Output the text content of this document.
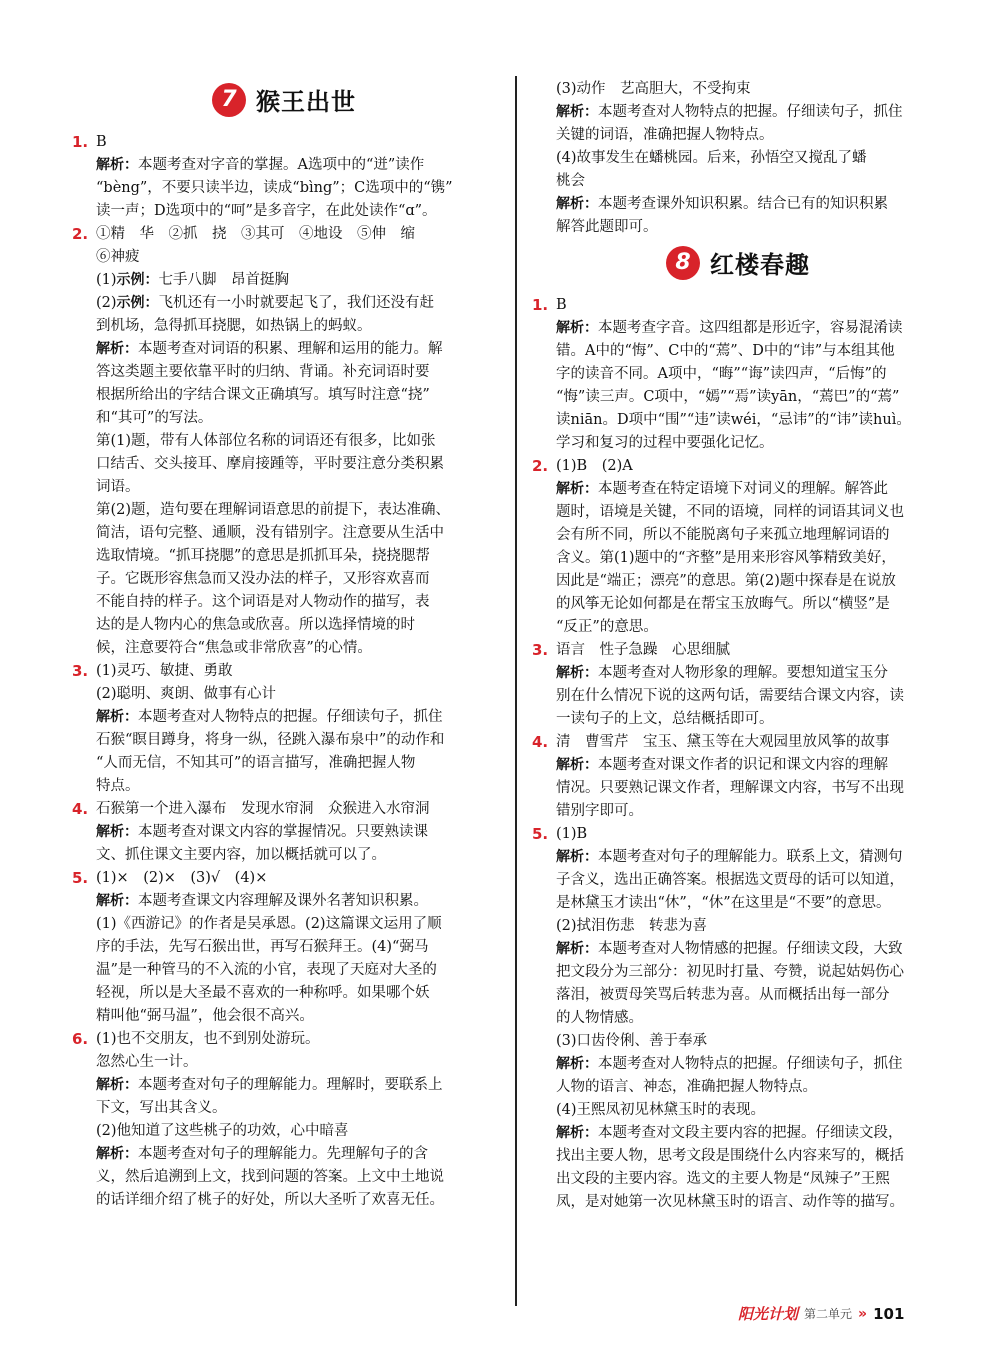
7 猴王出世
1. B

解析：本题考查对字音的掌握。A选项中的“迸”读作

“bèng”，不要只读半边，读成“bìng”；C选项中的“镌”

读一声；D选项中的“呵”是多音字，在此处读作“ɑ”。

2. ①精　华　②抓　挠　③其可　④地设　⑤伸　缩

⑥神疲

(1)示例：七手八脚　昂首挺胸

(2)示例：飞机还有一小时就要起飞了，我们还没有赶

到机场，急得抓耳挠腮，如热锅上的蚂蚁。

解析：本题考查对词语的积累、理解和运用的能力。解

答这类题主要依靠平时的归纳、背诵。补充词语时要

根据所给出的字结合课文正确填写。填写时注意“挠”

和“其可”的写法。

第(1)题，带有人体部位名称的词语还有很多，比如张

口结舌、交头接耳、摩肩接踵等，平时要注意分类积累

词语。

第(2)题，造句要在理解词语意思的前提下，表达准确、

简洁，语句完整、通顺，没有错别字。注意要从生活中

选取情境。“抓耳挠腮”的意思是抓抓耳朵，挠挠腮帮

子。它既形容焦急而又没办法的样子，又形容欢喜而

不能自持的样子。这个词语是对人物动作的描写，表

达的是人物内心的焦急或欣喜。所以选择情境的时

候，注意要符合“焦急或非常欣喜”的心情。

3. (1)灵巧、敏捷、勇敢

(2)聪明、爽朗、做事有心计

解析：本题考查对人物特点的把握。仔细读句子，抓住

石猴“瞑目蹲身，将身一纵，径跳入瀑布泉中”的动作和

“人而无信，不知其可”的语言描写，准确把握人物

特点。

4. 石猴第一个进入瀑布　发现水帘洞　众猴进入水帘洞

解析：本题考查对课文内容的掌握情况。只要熟读课

文、抓住课文主要内容，加以概括就可以了。

5. (1)×　(2)×　(3)√　(4)×

解析：本题考查课文内容理解及课外名著知识积累。

(1)《西游记》的作者是吴承恩。(2)这篇课文运用了顺

序的手法，先写石猴出世，再写石猴拜王。(4)“弼马

温”是一种管马的不入流的小官，表现了天庭对大圣的

轻视，所以是大圣最不喜欢的一种称呼。如果哪个妖

精叫他“弼马温”，他会很不高兴。

6. (1)也不交朋友，也不到别处游玩。

忽然心生一计。

解析：本题考查对句子的理解能力。理解时，要联系上

下文，写出其含义。

(2)他知道了这些桃子的功效，心中暗喜

解析：本题考查对句子的理解能力。先理解句子的含

义，然后追溯到上文，找到问题的答案。上文中土地说

的话详细介绍了桃子的好处，所以大圣听了欢喜无任。

(3)动作　艺高胆大，不受拘束

解析：本题考查对人物特点的把握。仔细读句子，抓住

关键的词语，准确把握人物特点。

(4)故事发生在蟠桃园。后来，孙悟空又搅乱了蟠

桃会

解析：本题考查课外知识积累。结合已有的知识积累

解答此题即可。

8 红楼春趣
1. B

解析：本题考查字音。这四组都是形近字，容易混淆读

错。A中的“悔”、C中的“蔫”、D中的“讳”与本组其他

字的读音不同。A项中，“晦”“诲”读四声，“后悔”的

“悔”读三声。C项中，“嫣”“焉”读yān，“蔫巴”的“蔫”

读niān。D项中“围”“违”读wéi，“忌讳”的“讳”读huì。

学习和复习的过程中要强化记忆。

2. (1)B　(2)A

解析：本题考查在特定语境下对词义的理解。解答此

题时，语境是关键，不同的语境，同样的词语其词义也

会有所不同，所以不能脱离句子来孤立地理解词语的

含义。第(1)题中的“齐整”是用来形容风筝精致美好，

因此是“端正；漂亮”的意思。第(2)题中探春是在说放

的风筝无论如何都是在帮宝玉放晦气。所以“横竖”是

“反正”的意思。

3. 语言　性子急躁　心思细腻

解析：本题考查对人物形象的理解。要想知道宝玉分

别在什么情况下说的这两句话，需要结合课文内容，读

一读句子的上文，总结概括即可。

4. 清　曹雪芹　宝玉、黛玉等在大观园里放风筝的故事

解析：本题考查对课文作者的识记和课文内容的理解

情况。只要熟记课文作者，理解课文内容，书写不出现

错别字即可。

5. (1)B

解析：本题考查对句子的理解能力。联系上文，猜测句

子含义，选出正确答案。根据选文贾母的话可以知道，

是林黛玉才读出“休”，“休”在这里是“不要”的意思。

(2)拭泪伤悲　转悲为喜

解析：本题考查对人物情感的把握。仔细读文段，大致

把文段分为三部分：初见时打量、夸赞，说起姑妈伤心

落泪，被贾母笑骂后转悲为喜。从而概括出每一部分

的人物情感。

(3)口齿伶俐、善于奉承

解析：本题考查对人物特点的把握。仔细读句子，抓住

人物的语言、神态，准确把握人物特点。

(4)王熙凤初见林黛玉时的表现。

解析：本题考查对文段主要内容的把握。仔细读文段，

找出主要人物，思考文段是围绕什么内容来写的，概括

出文段的主要内容。选文的主要人物是“凤辣子”王熙

凤，是对她第一次见林黛玉时的语言、动作等的描写。

阳光计划 第二单元 » 101
